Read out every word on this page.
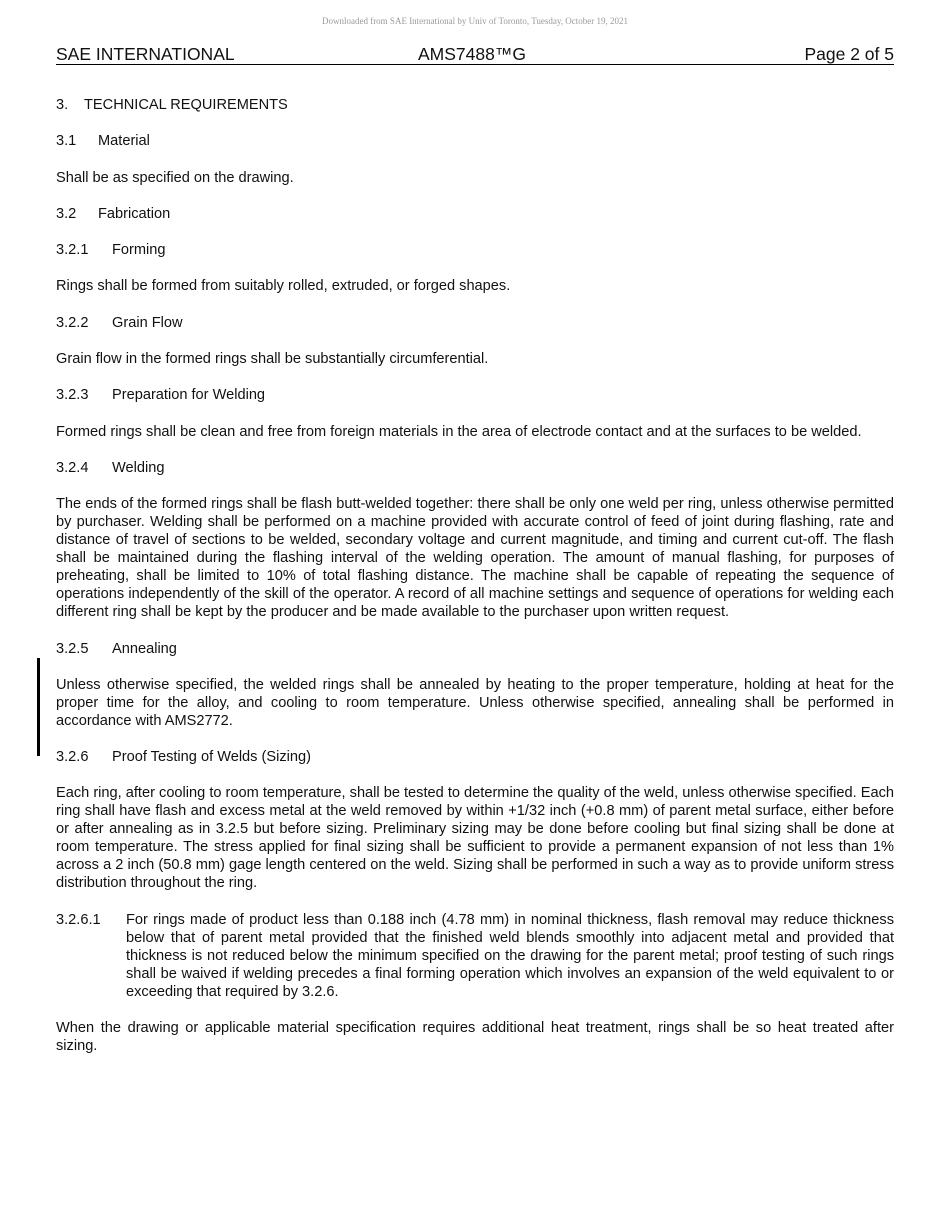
Downloaded from SAE International by Univ of Toronto, Tuesday, October 19, 2021
SAE INTERNATIONAL	AMS7488™G	Page 2 of 5
3. TECHNICAL REQUIREMENTS
3.1 Material

Shall be as specified on the drawing.

3.2 Fabrication
3.2.1 Forming

Rings shall be formed from suitably rolled, extruded, or forged shapes.

3.2.2 Grain Flow

Grain flow in the formed rings shall be substantially circumferential.

3.2.3 Preparation for Welding

Formed rings shall be clean and free from foreign materials in the area of electrode contact and at the surfaces to be welded.

3.2.4 Welding

The ends of the formed rings shall be flash butt-welded together: there shall be only one weld per ring, unless otherwise permitted by purchaser. Welding shall be performed on a machine provided with accurate control of feed of joint during flashing, rate and distance of travel of sections to be welded, secondary voltage and current magnitude, and timing and current cut-off. The flash shall be maintained during the flashing interval of the welding operation. The amount of manual flashing, for purposes of preheating, shall be limited to 10% of total flashing distance. The machine shall be capable of repeating the sequence of operations independently of the skill of the operator. A record of all machine settings and sequence of operations for welding each different ring shall be kept by the producer and be made available to the purchaser upon written request.

3.2.5 Annealing

Unless otherwise specified, the welded rings shall be annealed by heating to the proper temperature, holding at heat for the proper time for the alloy, and cooling to room temperature. Unless otherwise specified, annealing shall be performed in accordance with AMS2772.

3.2.6 Proof Testing of Welds (Sizing)

Each ring, after cooling to room temperature, shall be tested to determine the quality of the weld, unless otherwise specified. Each ring shall have flash and excess metal at the weld removed by within +1/32 inch (+0.8 mm) of parent metal surface, either before or after annealing as in 3.2.5 but before sizing. Preliminary sizing may be done before cooling but final sizing shall be done at room temperature. The stress applied for final sizing shall be sufficient to provide a permanent expansion of not less than 1% across a 2 inch (50.8 mm) gage length centered on the weld. Sizing shall be performed in such a way as to provide uniform stress distribution throughout the ring.

3.2.6.1	For rings made of product less than 0.188 inch (4.78 mm) in nominal thickness, flash removal may reduce thickness below that of parent metal provided that the finished weld blends smoothly into adjacent metal and provided that thickness is not reduced below the minimum specified on the drawing for the parent metal; proof testing of such rings shall be waived if welding precedes a final forming operation which involves an expansion of the weld equivalent to or exceeding that required by 3.2.6.

When the drawing or applicable material specification requires additional heat treatment, rings shall be so heat treated after sizing.
